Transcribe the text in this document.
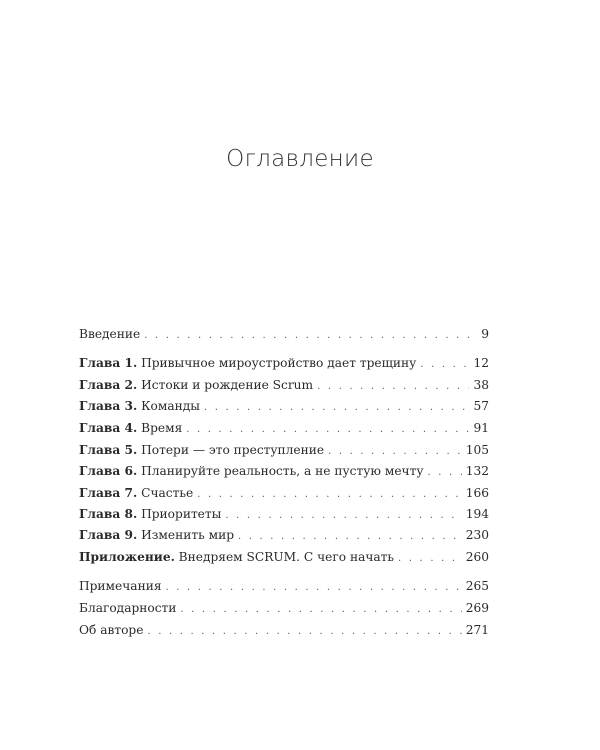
Оглавление
Введение . . .	9
Глава 1. Привычное мироустройство дает трещину . . .	12
Глава 2. Истоки и рождение Scrum . . .	38
Глава 3. Команды . . .	57
Глава 4. Время . . .	91
Глава 5. Потери — это преступление . . .	105
Глава 6. Планируйте реальность, а не пустую мечту . . .	132
Глава 7. Счастье . . .	166
Глава 8. Приоритеты . . .	194
Глава 9. Изменить мир . . .	230
Приложение. Внедряем SCRUM. С чего начать . . .	260
Примечания . . .	265
Благодарности . . .	269
Об авторе . . .	271
